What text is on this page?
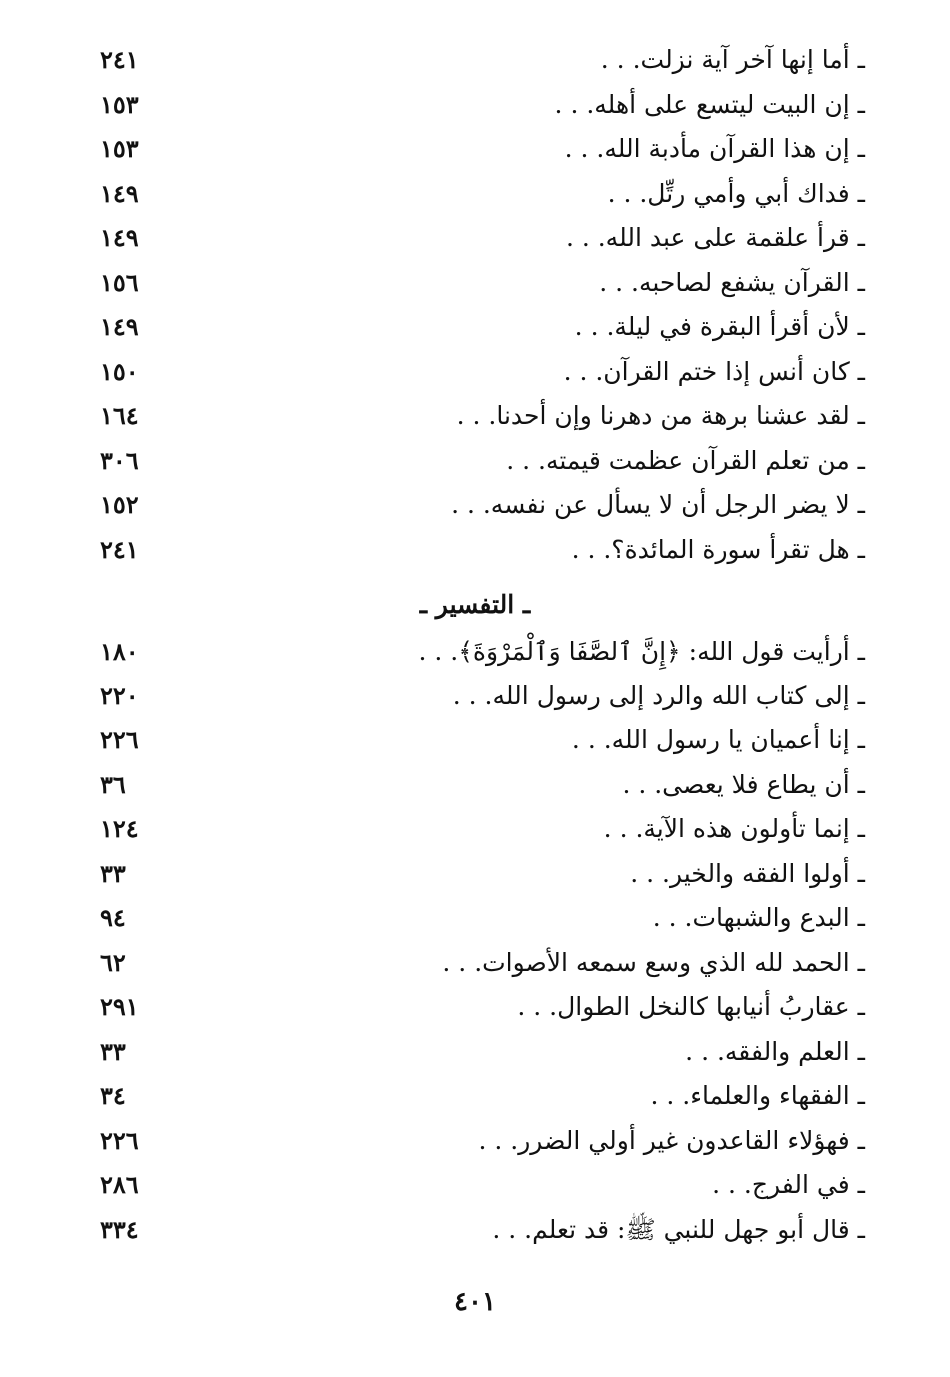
ـ أما إنها آخر آية نزلت. . .
٢٤١
ـ إن البيت ليتسع على أهله. . .
١٥٣
ـ إن هذا القرآن مأدبة الله. . .
١٥٣
ـ فداك أبي وأمي رتِّل. . .
١٤٩
ـ قرأ علقمة على عبد الله. . .
١٤٩
ـ القرآن يشفع لصاحبه. . .
١٥٦
ـ لأن أقرأ البقرة في ليلة. . .
١٤٩
ـ كان أنس إذا ختم القرآن. . .
١٥٠
ـ لقد عشنا برهة من دهرنا وإن أحدنا. . .
١٦٤
ـ من تعلم القرآن عظمت قيمته. . .
٣٠٦
ـ لا يضر الرجل أن لا يسأل عن نفسه. . .
١٥٢
ـ هل تقرأ سورة المائدة؟. . .
٢٤١
ـ التفسير ـ
ـ أرأيت قول الله: ﴿إِنَّ ٱلصَّفَا وَٱلْمَرْوَةَ﴾. . .
١٨٠
ـ إلى كتاب الله والرد إلى رسول الله. . .
٢٢٠
ـ إنا أعميان يا رسول الله. . .
٢٢٦
ـ أن يطاع فلا يعصى. . .
٣٦
ـ إنما تأولون هذه الآية. . .
١٢٤
ـ أولوا الفقه والخير. . .
٣٣
ـ البدع والشبهات. . .
٩٤
ـ الحمد لله الذي وسع سمعه الأصوات. . .
٦٢
ـ عقاربُ أنيابها كالنخل الطوال. . .
٢٩١
ـ العلم والفقه. . .
٣٣
ـ الفقهاء والعلماء. . .
٣٤
ـ فهؤلاء القاعدون غير أولي الضرر. . .
٢٢٦
ـ في الفرج. . .
٢٨٦
ـ قال أبو جهل للنبي ﷺ: قد تعلم. . .
٣٣٤
٤٠١
